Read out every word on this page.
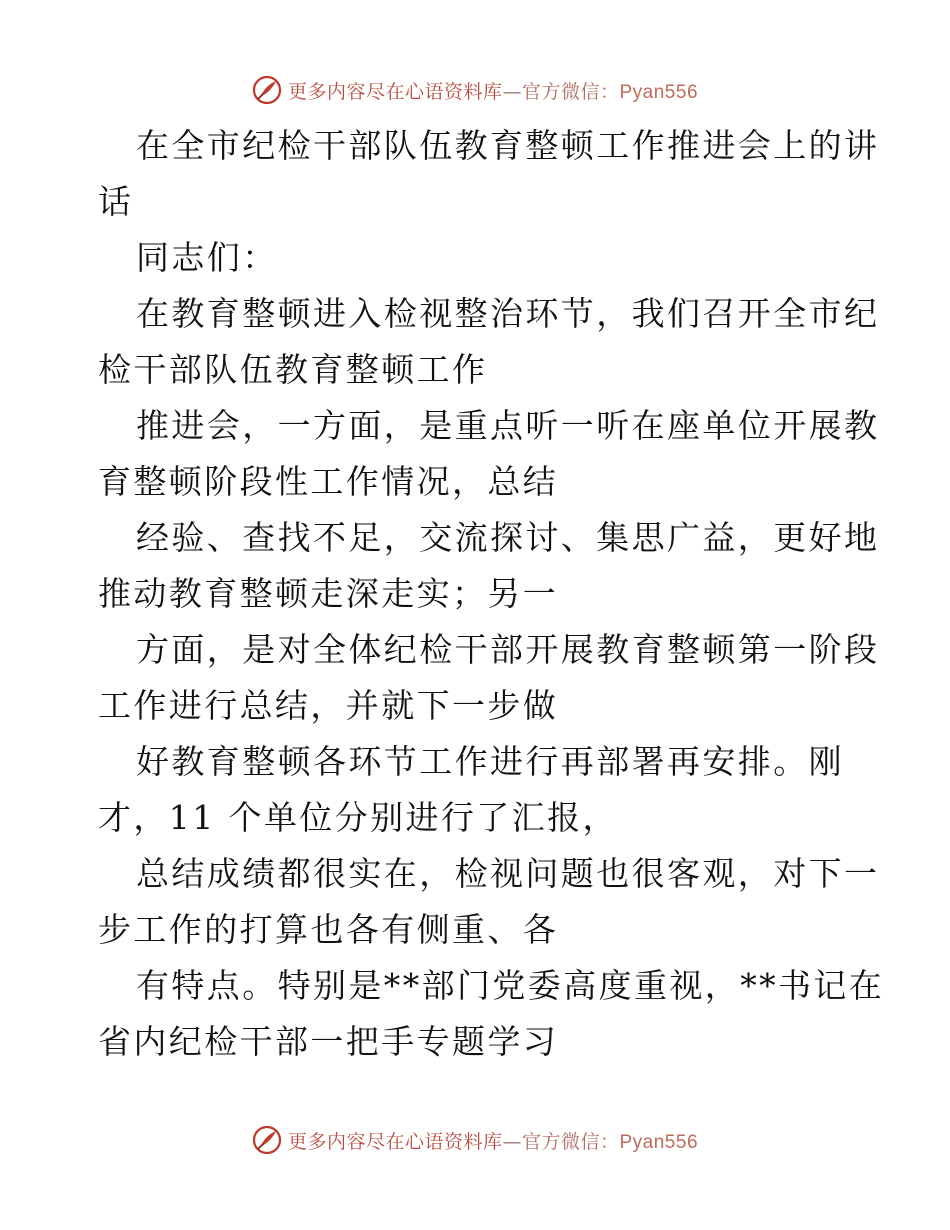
更多内容尽在心语资料库—官方微信：Pyan556
在全市纪检干部队伍教育整顿工作推进会上的讲
话
同志们：
在教育整顿进入检视整治环节，我们召开全市纪
检干部队伍教育整顿工作
推进会，一方面，是重点听一听在座单位开展教
育整顿阶段性工作情况，总结
经验、查找不足，交流探讨、集思广益，更好地
推动教育整顿走深走实；另一
方面，是对全体纪检干部开展教育整顿第一阶段
工作进行总结，并就下一步做
好教育整顿各环节工作进行再部署再安排。刚
才，11 个单位分别进行了汇报，
总结成绩都很实在，检视问题也很客观，对下一
步工作的打算也各有侧重、各
有特点。特别是**部门党委高度重视，**书记在
省内纪检干部一把手专题学习
更多内容尽在心语资料库—官方微信：Pyan556
